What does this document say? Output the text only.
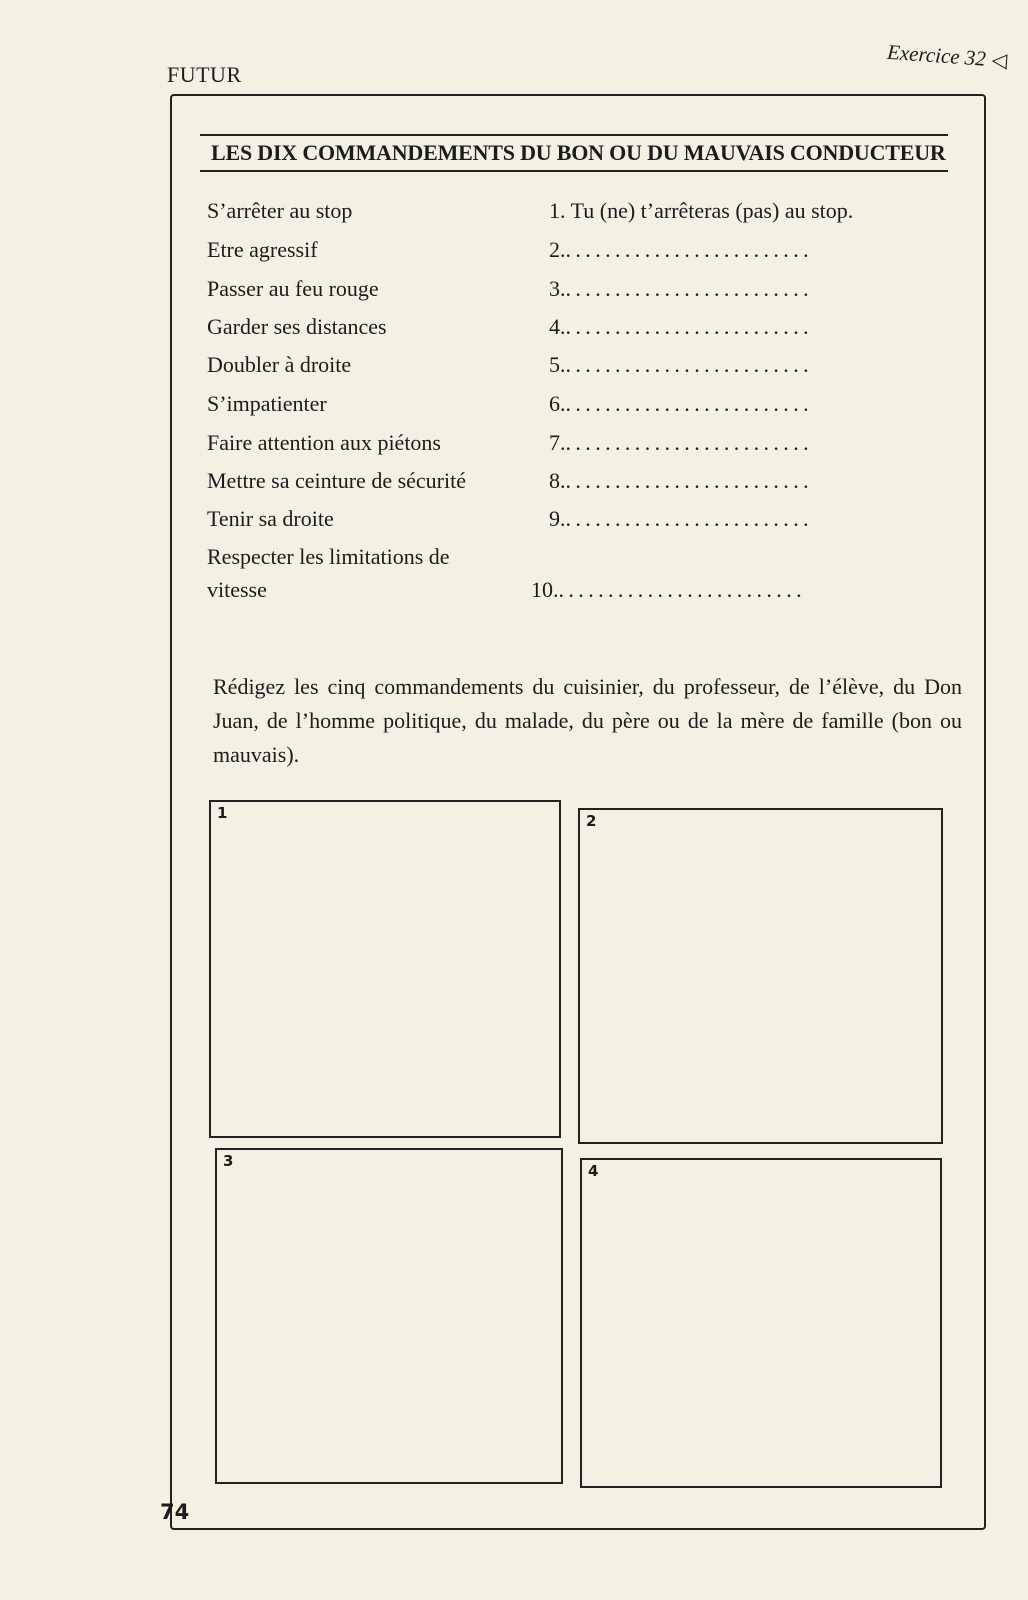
FUTUR
Exercice 32 ◁
LES DIX COMMANDEMENTS DU BON OU DU MAUVAIS CONDUCTEUR
S’arrêter au stop	1. Tu (ne) t’arrêteras (pas) au stop.
Etre agressif	2..........................
Passer au feu rouge	3..........................
Garder ses distances	4..........................
Doubler à droite	5..........................
S’impatienter	6..........................
Faire attention aux piétons	7..........................
Mettre sa ceinture de sécurité	8..........................
Tenir sa droite	9..........................
Respecter les limitations de
vitesse	10..........................
Rédigez les cinq commandements du cuisinier, du professeur, de l’élève, du Don Juan, de l’homme politique, du malade, du père ou de la mère de famille (bon ou mauvais).
1	2
3
4
74
